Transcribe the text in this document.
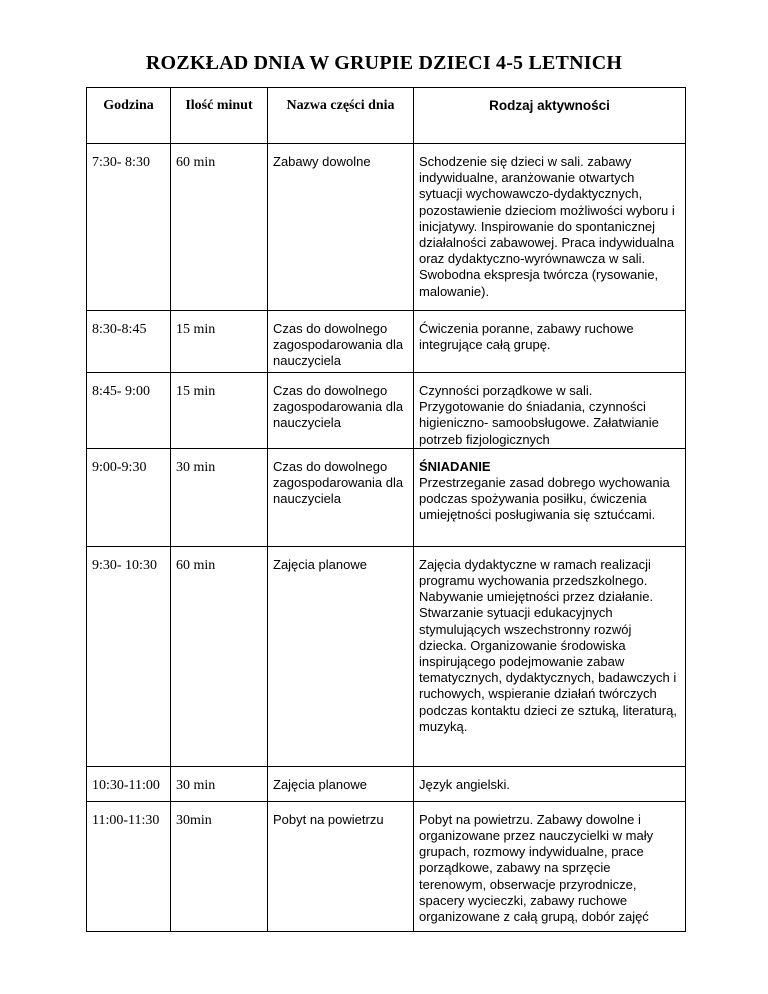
ROZKŁAD DNIA W GRUPIE DZIECI 4-5 LETNICH
Godzina	Ilość minut	Nazwa części dnia	Rodzaj aktywności
7:30- 8:30	60 min	Zabawy dowolne	Schodzenie się dzieci w sali. zabawy indywidualne, aranżowanie otwartych sytuacji wychowawczo-dydaktycznych, pozostawienie dzieciom możliwości wyboru i inicjatywy. Inspirowanie do spontanicznej działalności zabawowej. Praca indywidualna oraz dydaktyczno-wyrównawcza w sali. Swobodna ekspresja twórcza (rysowanie, malowanie).
8:30-8:45	15 min	Czas do dowolnego zagospodarowania dla nauczyciela	Ćwiczenia poranne, zabawy ruchowe integrujące całą grupę.
8:45- 9:00	15 min	Czas do dowolnego zagospodarowania dla nauczyciela	Czynności porządkowe w sali. Przygotowanie do śniadania, czynności higieniczno- samoobsługowe. Załatwianie potrzeb fizjologicznych
9:00-9:30	30 min	Czas do dowolnego zagospodarowania dla nauczyciela	ŚNIADANIE
Przestrzeganie zasad dobrego wychowania podczas spożywania posiłku, ćwiczenia umiejętności posługiwania się sztućcami.

9:30- 10:30	60 min	Zajęcia planowe	Zajęcia dydaktyczne w ramach realizacji programu wychowania przedszkolnego. Nabywanie umiejętności przez działanie. Stwarzanie sytuacji edukacyjnych stymulujących wszechstronny rozwój dziecka. Organizowanie środowiska inspirującego podejmowanie zabaw tematycznych, dydaktycznych, badawczych i ruchowych, wspieranie działań twórczych podczas kontaktu dzieci ze sztuką, literaturą, muzyką.
10:30-11:00	30 min	Zajęcia planowe	Język angielski.
11:00-11:30	30min	Pobyt na powietrzu	Pobyt na powietrzu. Zabawy dowolne i organizowane przez nauczycielki w mały grupach, rozmowy indywidualne, prace porządkowe, zabawy na sprzęcie terenowym, obserwacje przyrodnicze, spacery wycieczki, zabawy ruchowe organizowane z całą grupą, dobór zajęć
